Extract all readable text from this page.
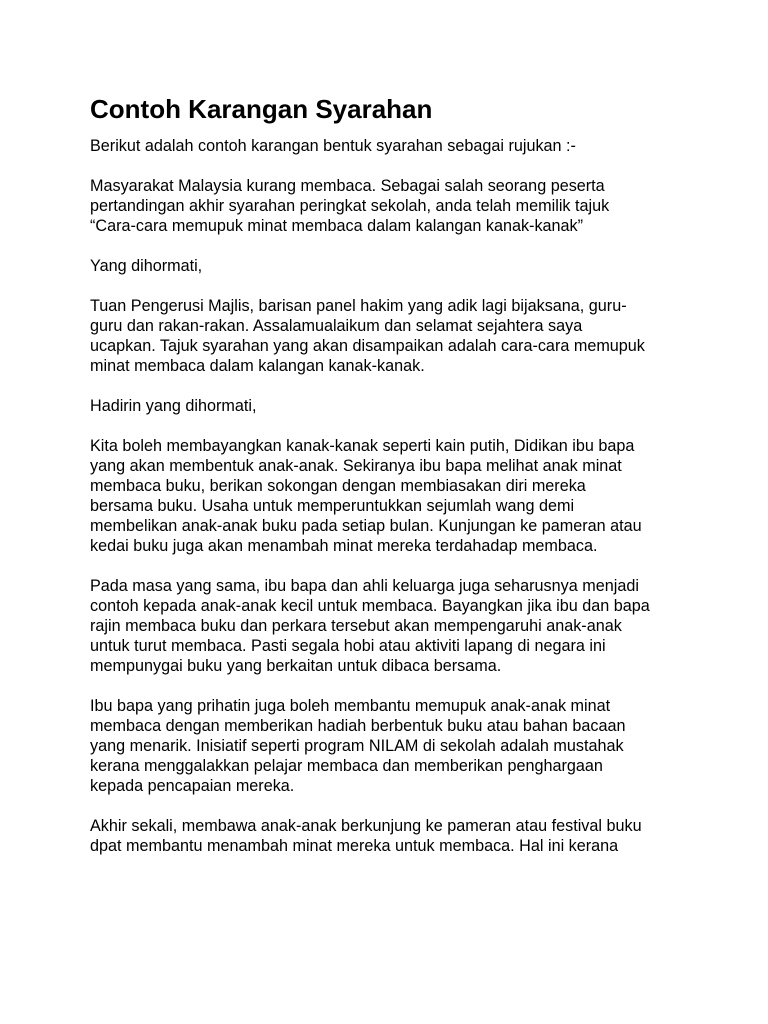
Contoh Karangan Syarahan

Berikut adalah contoh karangan bentuk syarahan sebagai rujukan :-

Masyarakat Malaysia kurang membaca. Sebagai salah seorang peserta
pertandingan akhir syarahan peringkat sekolah, anda telah memilik tajuk
“Cara-cara memupuk minat membaca dalam kalangan kanak-kanak”

Yang dihormati,

Tuan Pengerusi Majlis, barisan panel hakim yang adik lagi bijaksana, guru-
guru dan rakan-rakan. Assalamualaikum dan selamat sejahtera saya
ucapkan. Tajuk syarahan yang akan disampaikan adalah cara-cara memupuk
minat membaca dalam kalangan kanak-kanak.

Hadirin yang dihormati,

Kita boleh membayangkan kanak-kanak seperti kain putih, Didikan ibu bapa
yang akan membentuk anak-anak. Sekiranya ibu bapa melihat anak minat
membaca buku, berikan sokongan dengan membiasakan diri mereka
bersama buku. Usaha untuk memperuntukkan sejumlah wang demi
membelikan anak-anak buku pada setiap bulan. Kunjungan ke pameran atau
kedai buku juga akan menambah minat mereka terdahadap membaca.

Pada masa yang sama, ibu bapa dan ahli keluarga juga seharusnya menjadi
contoh kepada anak-anak kecil untuk membaca. Bayangkan jika ibu dan bapa
rajin membaca buku dan perkara tersebut akan mempengaruhi anak-anak
untuk turut membaca. Pasti segala hobi atau aktiviti lapang di negara ini
mempunygai buku yang berkaitan untuk dibaca bersama.

Ibu bapa yang prihatin juga boleh membantu memupuk anak-anak minat
membaca dengan memberikan hadiah berbentuk buku atau bahan bacaan
yang menarik. Inisiatif seperti program NILAM di sekolah adalah mustahak
kerana menggalakkan pelajar membaca dan memberikan penghargaan
kepada pencapaian mereka.

Akhir sekali, membawa anak-anak berkunjung ke pameran atau festival buku
dpat membantu menambah minat mereka untuk membaca. Hal ini kerana
